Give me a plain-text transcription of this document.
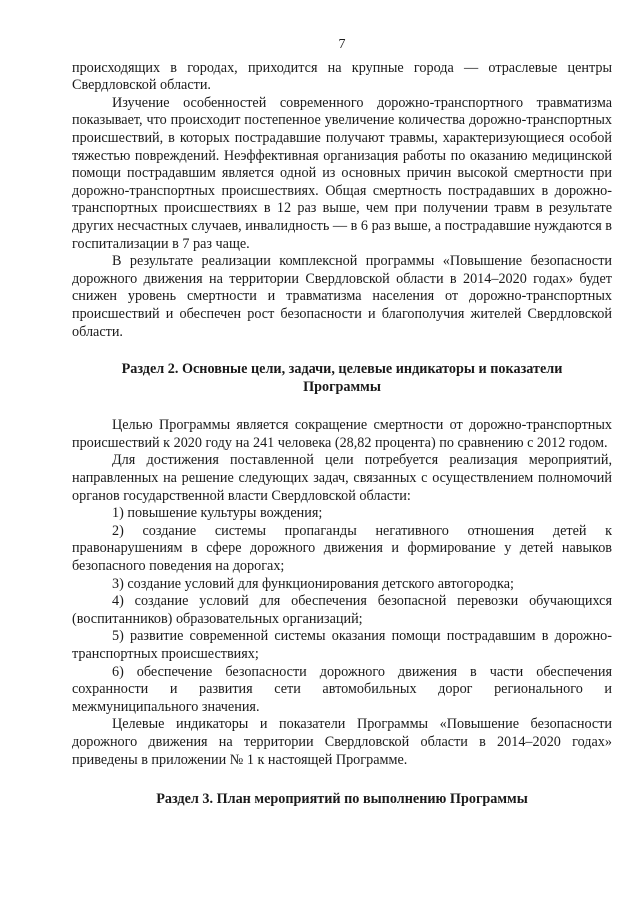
7

происходящих в городах, приходится на крупные города — отраслевые центры Свердловской области.

Изучение особенностей современного дорожно-транспортного травматизма показывает, что происходит постепенное увеличение количества дорожно-транспортных происшествий, в которых пострадавшие получают травмы, характеризующиеся особой тяжестью повреждений. Неэффективная организация работы по оказанию медицинской помощи пострадавшим является одной из основных причин высокой смертности при дорожно-транспортных происшествиях. Общая смертность пострадавших в дорожно-транспортных происшествиях в 12 раз выше, чем при получении травм в результате других несчастных случаев, инвалидность — в 6 раз выше, а пострадавшие нуждаются в госпитализации в 7 раз чаще.

В результате реализации комплексной программы «Повышение безопасности дорожного движения на территории Свердловской области в 2014–2020 годах» будет снижен уровень смертности и травматизма населения от дорожно-транспортных происшествий и обеспечен рост безопасности и благополучия жителей Свердловской области.

Раздел 2. Основные цели, задачи, целевые индикаторы и показатели
Программы

Целью Программы является сокращение смертности от дорожно-транспортных происшествий к 2020 году на 241 человека (28,82 процента) по сравнению с 2012 годом.

Для достижения поставленной цели потребуется реализация мероприятий, направленных на решение следующих задач, связанных с осуществлением полномочий органов государственной власти Свердловской области:

1) повышение культуры вождения;

2) создание системы пропаганды негативного отношения детей к правонарушениям в сфере дорожного движения и формирование у детей навыков безопасного поведения на дорогах;

3) создание условий для функционирования детского автогородка;

4) создание условий для обеспечения безопасной перевозки обучающихся (воспитанников) образовательных организаций;

5) развитие современной системы оказания помощи пострадавшим в дорожно-транспортных происшествиях;

6) обеспечение безопасности дорожного движения в части обеспечения сохранности и развития сети автомобильных дорог регионального и межмуниципального значения.

Целевые индикаторы и показатели Программы «Повышение безопасности дорожного движения на территории Свердловской области в 2014–2020 годах» приведены в приложении № 1 к настоящей Программе.

Раздел 3. План мероприятий по выполнению Программы
